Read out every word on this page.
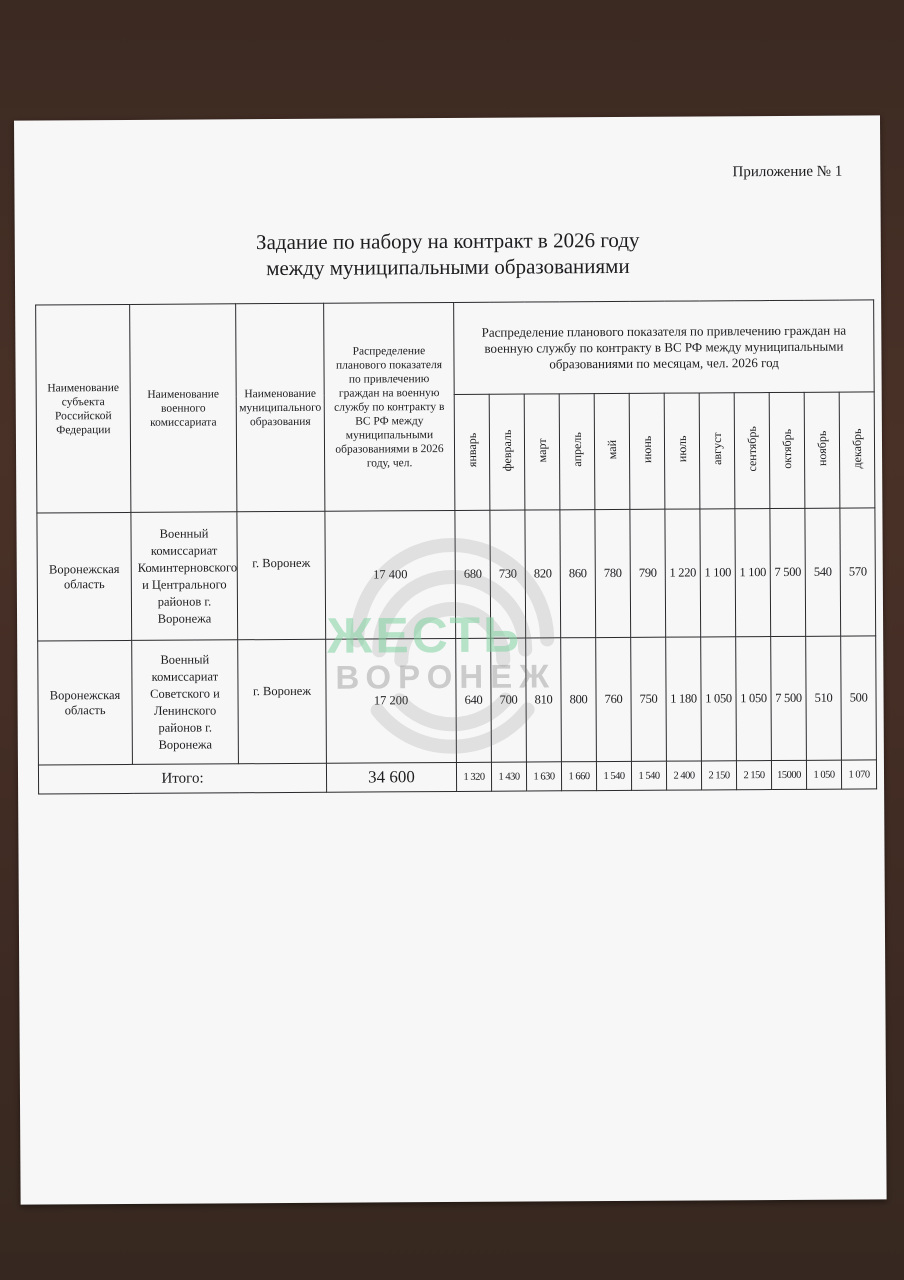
Приложение № 1
Задание по набору на контракт в 2026 году
между муниципальными образованиями
Наименование субъекта Российской Федерации	Наименование военного комиссариата	Наименование муниципального образования	Распределение планового показателя по привлечению граждан на военную службу по контракту в ВС РФ между муниципальными образованиями в 2026 году, чел.	Распределение планового показателя по привлечению граждан на военную службу по контракту в ВС РФ между муниципальными образованиями по месяцам, чел. 2026 год											
				январь	февраль	март	апрель	май	июнь	июль	август	сентябрь	октябрь	ноябрь	декабрь
Воронежская область	Военный комиссариат Коминтерновского и Центрального районов г. Воронежа	г. Воронеж	17 400	680	730	820	860	780	790	1 220	1 100	1 100	7 500	540	570
Воронежская область	Военный комиссариат Советского и Ленинского районов г. Воронежа	г. Воронеж	17 200	640	700	810	800	760	750	1 180	1 050	1 050	7 500	510	500
Итого:			34 600	1 320	1 430	1 630	1 660	1 540	1 540	2 400	2 150	2 150	15000	1 050	1 070
ЖЕСТЬ
ВОРОНЕЖ
